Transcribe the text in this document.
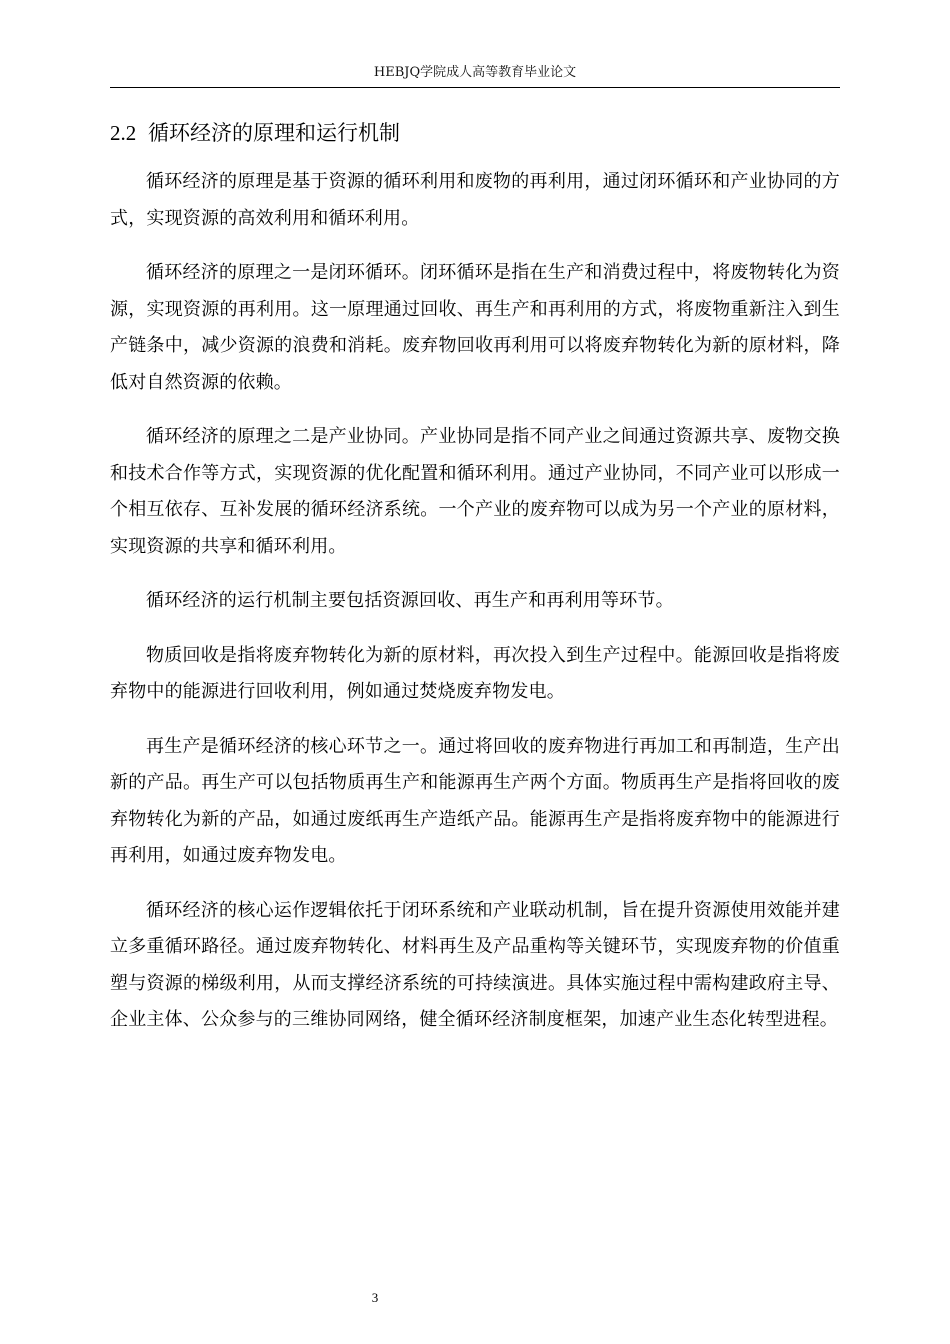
HEBJQ学院成人高等教育毕业论文
2.2 循环经济的原理和运行机制

循环经济的原理是基于资源的循环利用和废物的再利用，通过闭环循环和产业协同的方式，实现资源的高效利用和循环利用。

循环经济的原理之一是闭环循环。闭环循环是指在生产和消费过程中，将废物转化为资源，实现资源的再利用。这一原理通过回收、再生产和再利用的方式，将废物重新注入到生产链条中，减少资源的浪费和消耗。废弃物回收再利用可以将废弃物转化为新的原材料，降低对自然资源的依赖。

循环经济的原理之二是产业协同。产业协同是指不同产业之间通过资源共享、废物交换和技术合作等方式，实现资源的优化配置和循环利用。通过产业协同，不同产业可以形成一个相互依存、互补发展的循环经济系统。一个产业的废弃物可以成为另一个产业的原材料，实现资源的共享和循环利用。

循环经济的运行机制主要包括资源回收、再生产和再利用等环节。

物质回收是指将废弃物转化为新的原材料，再次投入到生产过程中。能源回收是指将废弃物中的能源进行回收利用，例如通过焚烧废弃物发电。

再生产是循环经济的核心环节之一。通过将回收的废弃物进行再加工和再制造，生产出新的产品。再生产可以包括物质再生产和能源再生产两个方面。物质再生产是指将回收的废弃物转化为新的产品，如通过废纸再生产造纸产品。能源再生产是指将废弃物中的能源进行再利用，如通过废弃物发电。

循环经济的核心运作逻辑依托于闭环系统和产业联动机制，旨在提升资源使用效能并建立多重循环路径。通过废弃物转化、材料再生及产品重构等关键环节，实现废弃物的价值重塑与资源的梯级利用，从而支撑经济系统的可持续演进。具体实施过程中需构建政府主导、企业主体、公众参与的三维协同网络，健全循环经济制度框架，加速产业生态化转型进程。

3
